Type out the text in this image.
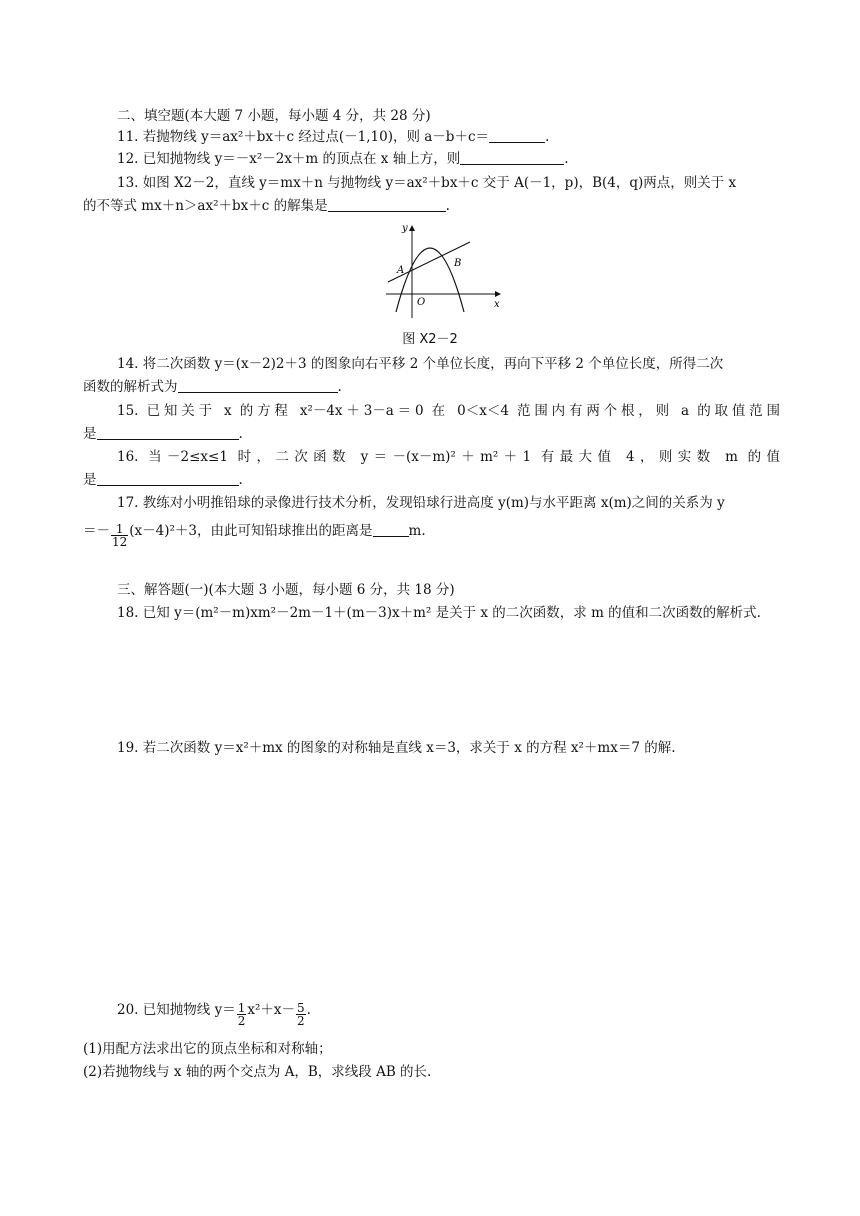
二、填空题(本大题 7 小题，每小题 4 分，共 28 分)
11. 若抛物线 y＝ax²＋bx＋c 经过点(－1,10)，则 a－b＋c＝	.
12. 已知抛物线 y＝－x²－2x＋m 的顶点在 x 轴上方，则	.
13. 如图 X2－2，直线 y＝mx＋n 与抛物线 y＝ax²＋bx＋c 交于 A(－1，p)，B(4，q)两点，则关于 x
的不等式 mx＋n＞ax²＋bx＋c 的解集是	.
y
x
O
A
B
图 X2－2
14. 将二次函数 y＝(x－2)2＋3 的图象向右平移 2 个单位长度，再向下平移 2 个单位长度，所得二次
函数的解析式为	.
15. 已知关于 x 的方程 x²－4x＋3－a＝0 在 0＜x＜4 范围内有两个根，则 a 的取值范围
是	.
16. 当－2≤x≤1 时，二次函数 y＝－(x－m)²＋m²＋1 有最大值 4，则实数 m 的值
是	.
17. 教练对小明推铅球的录像进行技术分析，发现铅球行进高度 y(m)与水平距离 x(m)之间的关系为 y
＝－ $\frac{1}{12} (x-4)^2+3$，由此可知铅球推出的距离是	m.
三、解答题(一)(本大题 3 小题，每小题 6 分，共 18 分)
18. 已知 y＝(m²－m)xm²－2m－1＋(m－3)x＋m² 是关于 x 的二次函数，求 m 的值和二次函数的解析式.
19. 若二次函数 y＝x²＋mx 的图象的对称轴是直线 x＝3，求关于 x 的方程 x²＋mx＝7 的解.
20. 已知抛物线 $y= \frac{1}{2} x^2+x- \frac{5}{2}$ .
(1)用配方法求出它的顶点坐标和对称轴；
(2)若抛物线与 x 轴的两个交点为 A，B，求线段 AB 的长.
